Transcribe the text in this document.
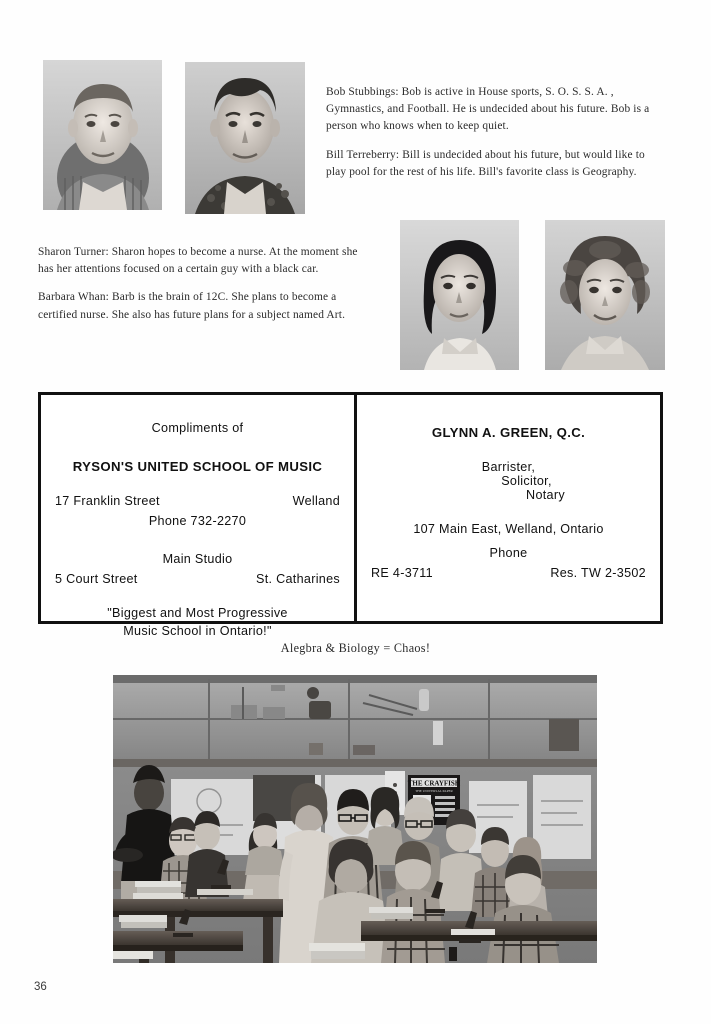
Bob Stubbings: Bob is active in House sports, S. O. S. S. A. , Gymnastics, and Football. He is undecided about his future. Bob is a person who knows when to keep quiet.

Bill Terreberry: Bill is undecided about his future, but would like to play pool for the rest of his life. Bill's favorite class is Geography.

Sharon Turner: Sharon hopes to become a nurse. At the moment she has her attentions focused on a certain guy with a black car.

Barbara Whan: Barb is the brain of 12C. She plans to become a certified nurse. She also has future plans for a subject named Art.

Compliments of
RYSON'S UNITED SCHOOL OF MUSIC
17 Franklin Street	Welland
Phone 732-2270
Main Studio
5 Court Street	St. Catharines
"Biggest and Most Progressive
Music School in Ontario!"
GLYNN A. GREEN, Q.C.
Barrister,
Solicitor,
Notary
107 Main East, Welland, Ontario
Phone
RE 4-3711	Res. TW 2-3502
Alegbra & Biology = Chaos!
THE CRAYFISH
THE UNIVERSAL PAPER
36
